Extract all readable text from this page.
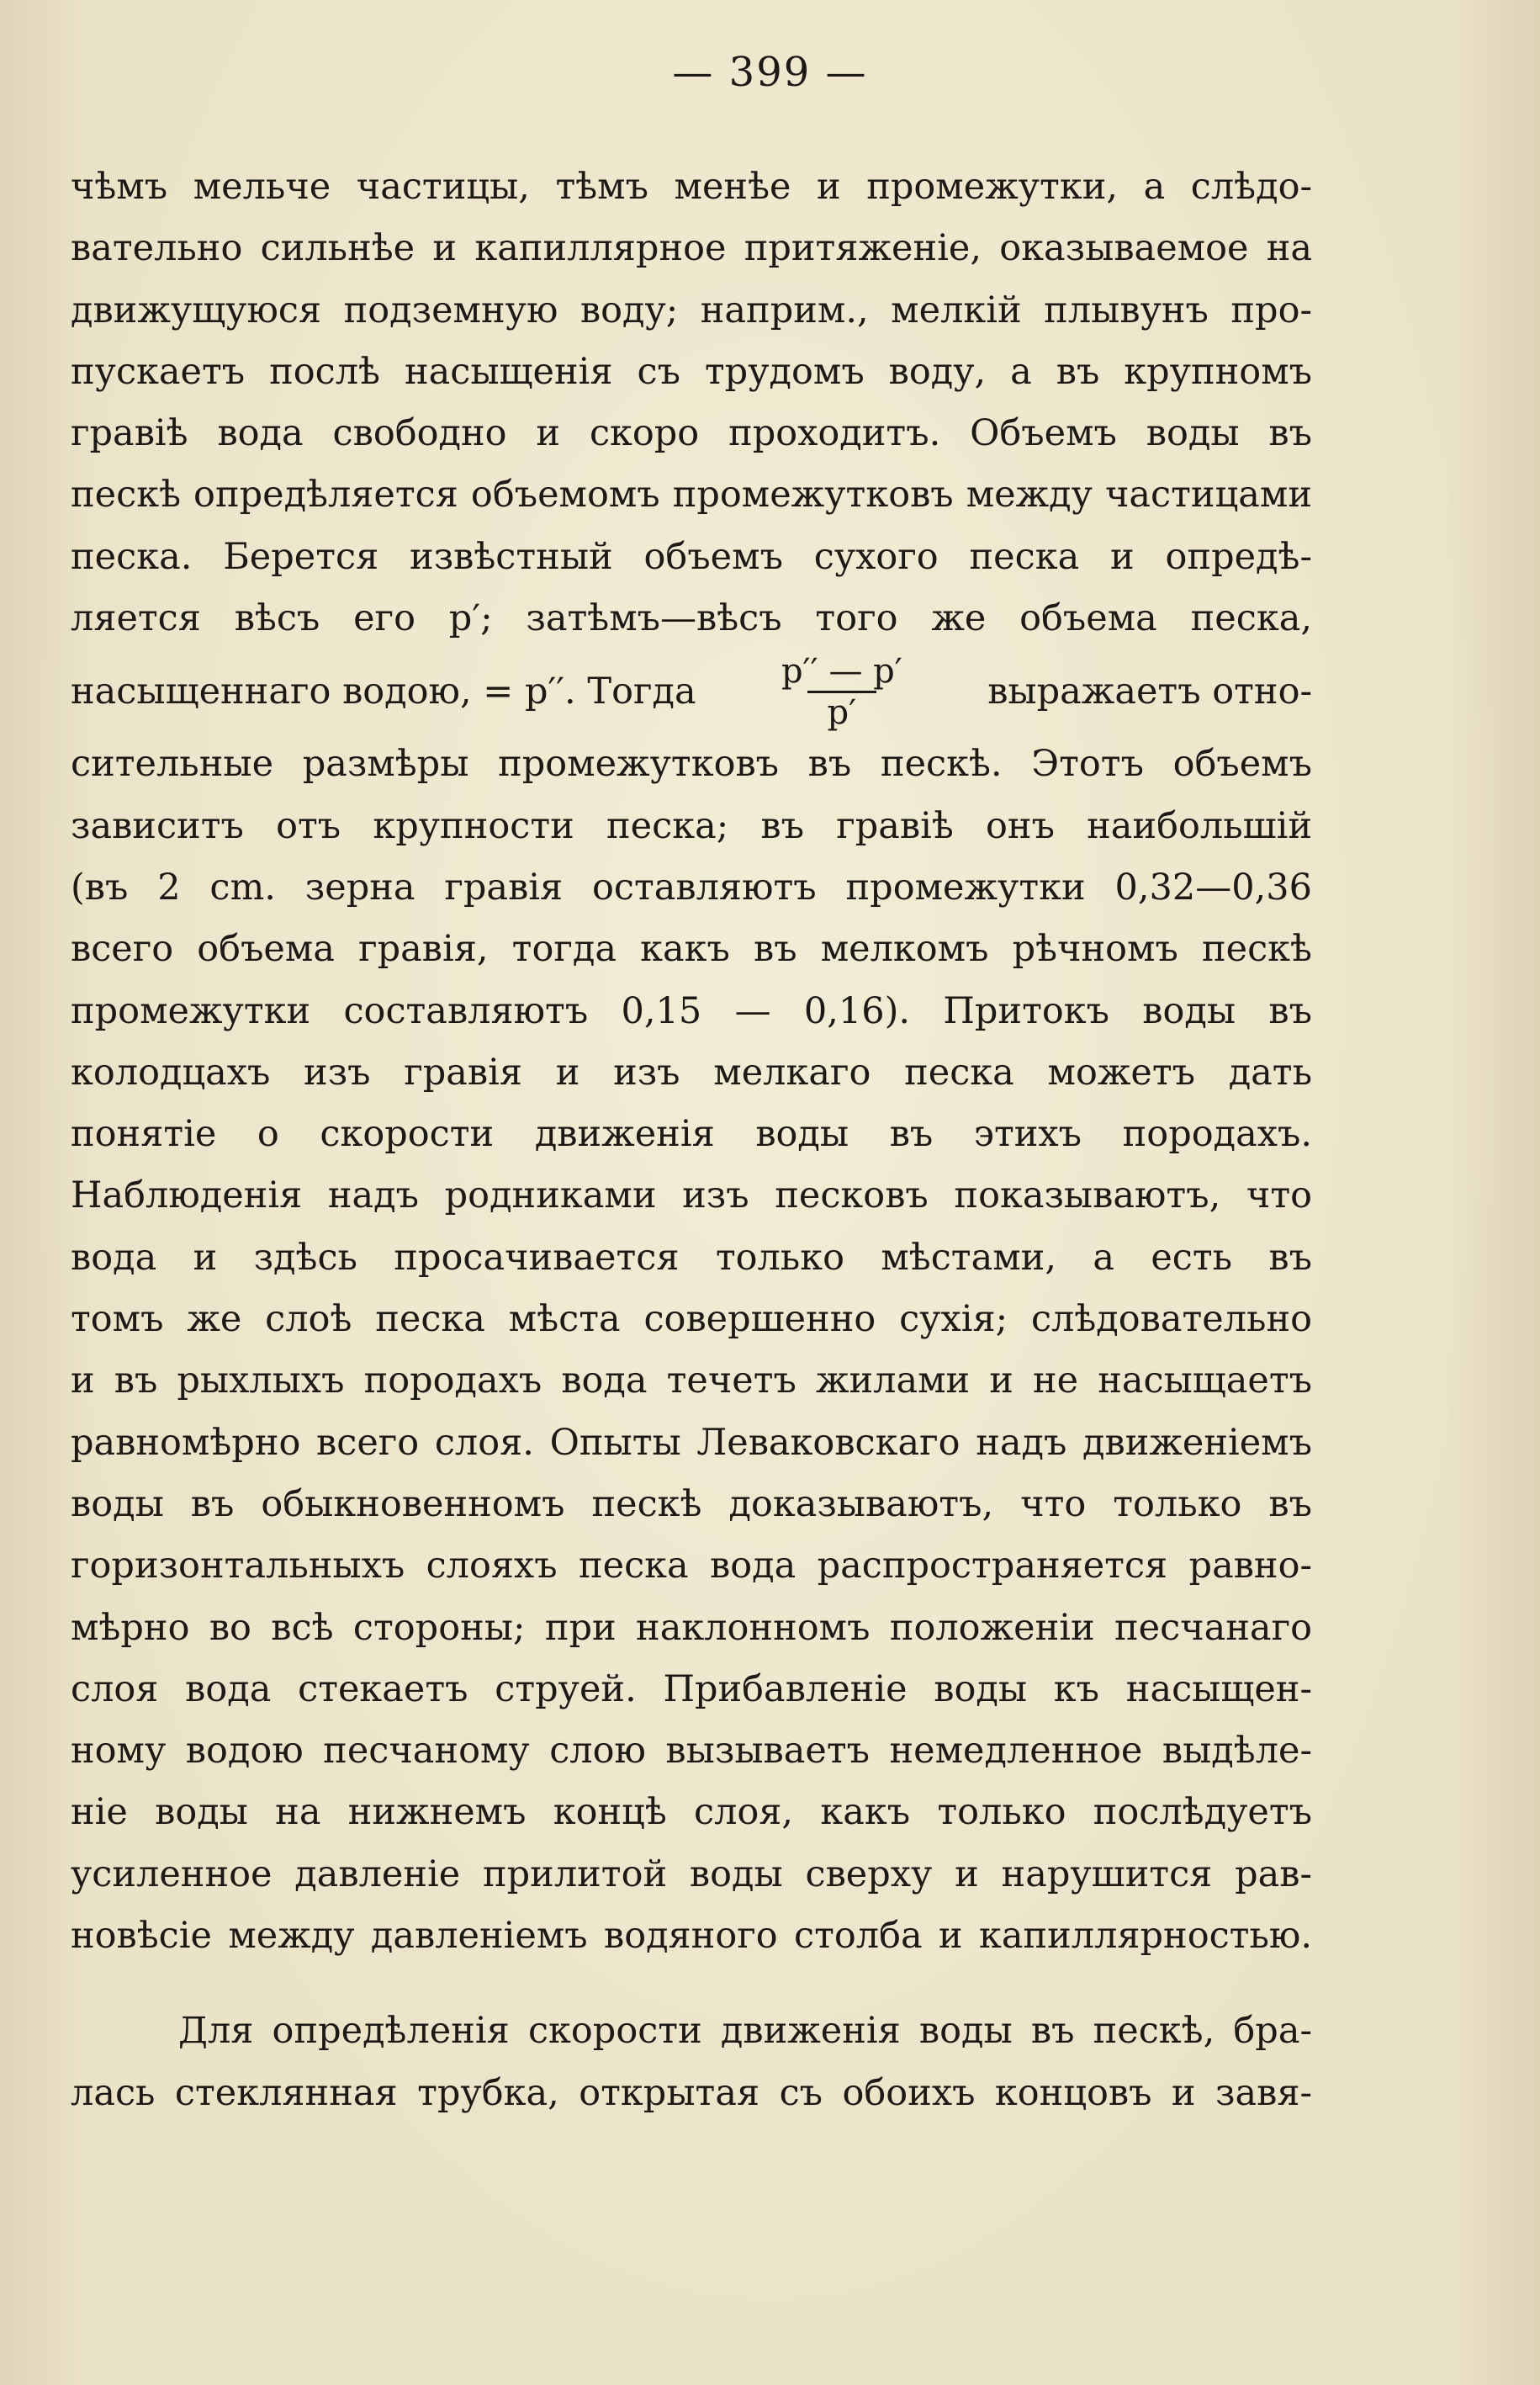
— 399 —
чѣмъ мельче частицы, тѣмъ менѣе и промежутки, а слѣдо-
вательно сильнѣе и капиллярное притяженіе, оказываемое на
движущуюся подземную воду; наприм., мелкій плывунъ про-
пускаетъ послѣ насыщенія съ трудомъ воду, а въ крупномъ
гравіѣ вода свободно и скоро проходитъ. Объемъ воды въ
пескѣ опредѣляется объемомъ промежутковъ между частицами
песка. Берется извѣстный объемъ сухого песка и опредѣ-
ляется вѣсъ его p′; затѣмъ—вѣсъ того же объема песка,
насыщеннаго водою, = p′′. Тогда $\frac{p'' — p'}{p'}$ выражаетъ отно-
сительные размѣры промежутковъ въ пескѣ. Этотъ объемъ
зависитъ отъ крупности песка; въ гравіѣ онъ наибольшій
(въ 2 cm. зерна гравія оставляютъ промежутки 0,32—0,36
всего объема гравія, тогда какъ въ мелкомъ рѣчномъ пескѣ
промежутки составляютъ 0,15 — 0,16). Притокъ воды въ
колодцахъ изъ гравія и изъ мелкаго песка можетъ дать
понятіе о скорости движенія воды въ этихъ породахъ.
Наблюденія надъ родниками изъ песковъ показываютъ, что
вода и здѣсь просачивается только мѣстами, а есть въ
томъ же слоѣ песка мѣста совершенно сухія; слѣдовательно
и въ рыхлыхъ породахъ вода течетъ жилами и не насыщаетъ
равномѣрно всего слоя. Опыты Леваковскаго надъ движеніемъ
воды въ обыкновенномъ пескѣ доказываютъ, что только въ
горизонтальныхъ слояхъ песка вода распространяется равно-
мѣрно во всѣ стороны; при наклонномъ положеніи песчанаго
слоя вода стекаетъ струей. Прибавленіе воды къ насыщен-
ному водою песчаному слою вызываетъ немедленное выдѣле-
ніе воды на нижнемъ концѣ слоя, какъ только послѣдуетъ
усиленное давленіе прилитой воды сверху и нарушится рав-
новѣсіе между давленіемъ водяного столба и капиллярностью.
Для опредѣленія скорости движенія воды въ пескѣ, бра-
лась стеклянная трубка, открытая съ обоихъ концовъ и завя-
